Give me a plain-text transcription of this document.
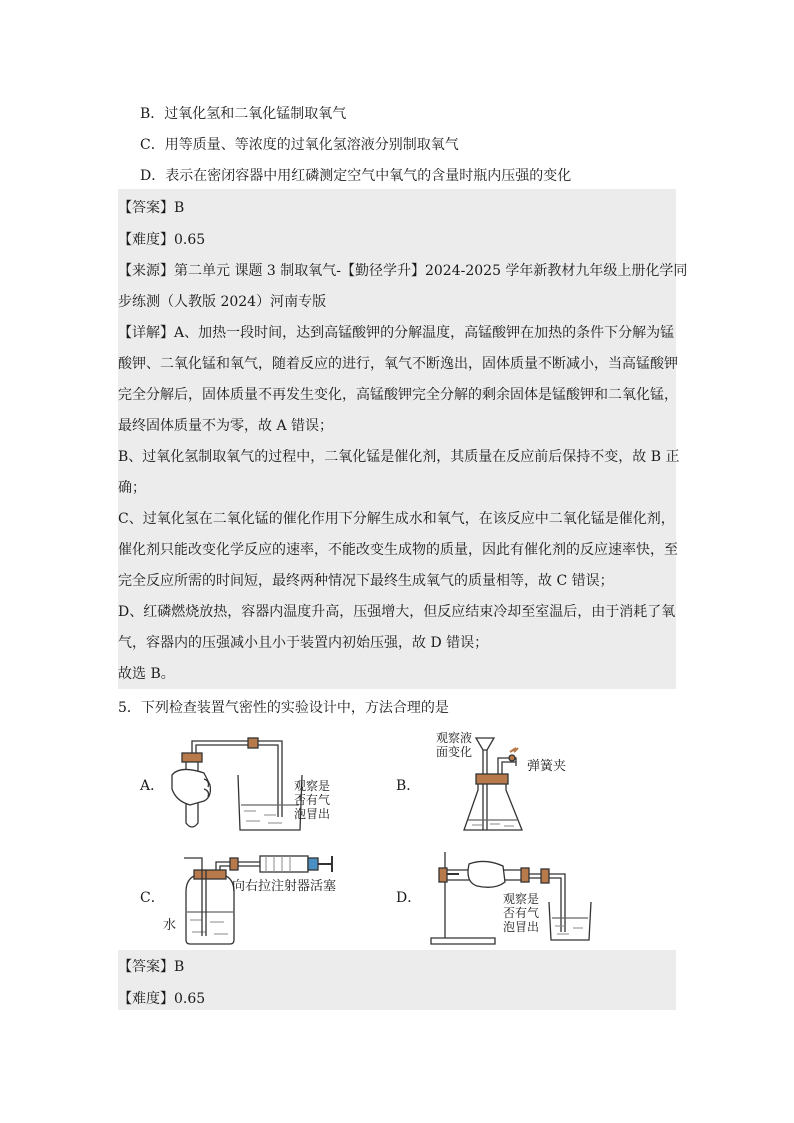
B．过氧化氢和二氧化锰制取氧气
C．用等质量、等浓度的过氧化氢溶液分别制取氧气
D．表示在密闭容器中用红磷测定空气中氧气的含量时瓶内压强的变化
【答案】B
【难度】0.65
【来源】第二单元 课题 3 制取氧气-【勤径学升】2024-2025 学年新教材九年级上册化学同
步练测（人教版 2024）河南专版
【详解】A、加热一段时间，达到高锰酸钾的分解温度，高锰酸钾在加热的条件下分解为锰
酸钾、二氧化锰和氧气，随着反应的进行，氧气不断逸出，固体质量不断减小，当高锰酸钾
完全分解后，固体质量不再发生变化，高锰酸钾完全分解的剩余固体是锰酸钾和二氧化锰，
最终固体质量不为零，故 A 错误；
B、过氧化氢制取氧气的过程中，二氧化锰是催化剂，其质量在反应前后保持不变，故 B 正
确；
C、过氧化氢在二氧化锰的催化作用下分解生成水和氧气，在该反应中二氧化锰是催化剂，
催化剂只能改变化学反应的速率，不能改变生成物的质量，因此有催化剂的反应速率快，至
完全反应所需的时间短，最终两种情况下最终生成氧气的质量相等，故 C 错误；
D、红磷燃烧放热，容器内温度升高，压强增大，但反应结束冷却至室温后，由于消耗了氧
气，容器内的压强减小且小于装置内初始压强，故 D 错误；
故选 B。
5．下列检查装置气密性的实验设计中，方法合理的是
A．	观察是
否有气
泡冒出
B．
观察液
面变化
弹簧夹
C．
向右拉注射器活塞
水
D．	观察是
否有气
泡冒出
【答案】B
【难度】0.65
